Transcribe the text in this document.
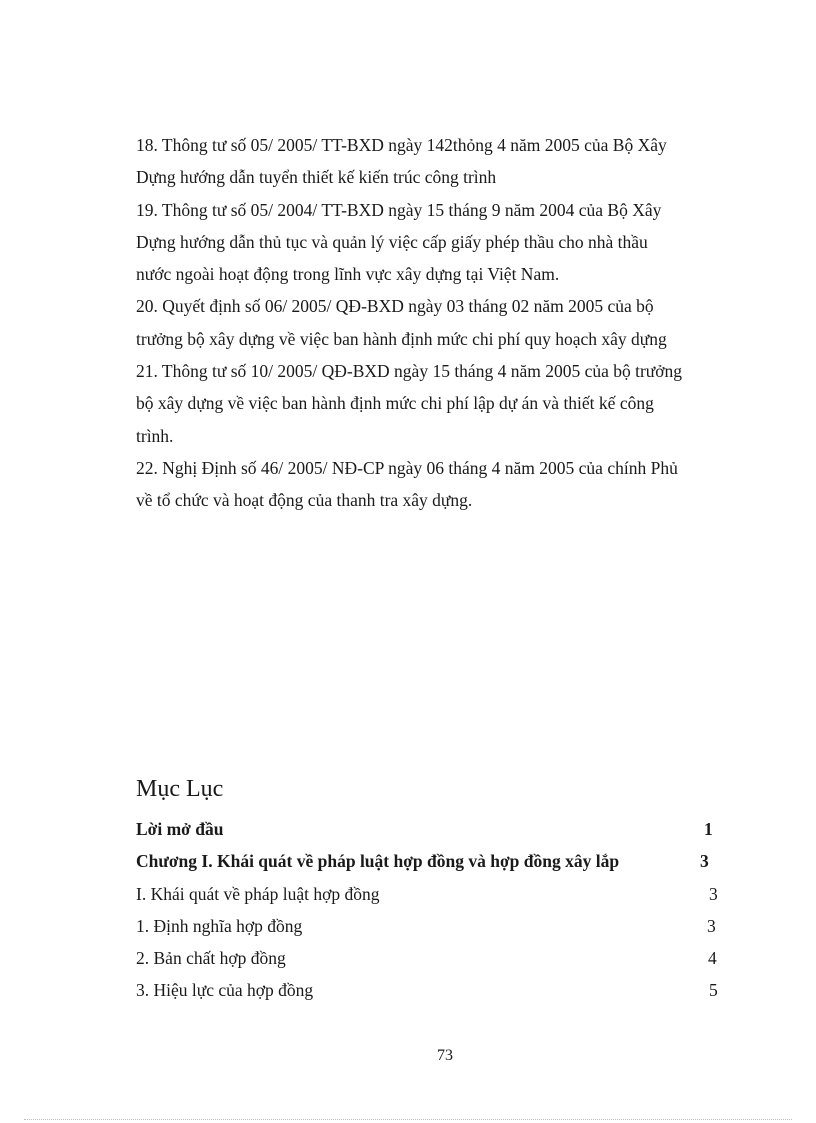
18. Thông tư số 05/ 2005/ TT-BXD ngày 142thỏng 4 năm 2005 của Bộ Xây
Dựng hướng dẫn tuyển thiết kế kiến trúc công trình
19. Thông tư số 05/ 2004/ TT-BXD ngày 15 tháng 9 năm 2004 của Bộ Xây
Dựng hướng dẫn thủ tục và quản lý việc cấp giấy phép thầu cho nhà thầu
nước ngoài hoạt động trong lĩnh vực xây dựng tại Việt Nam.
20. Quyết định số 06/ 2005/ QĐ-BXD ngày 03 tháng 02 năm 2005 của bộ
trưởng bộ xây dựng về việc ban hành định mức chi phí quy hoạch xây dựng
21. Thông tư số 10/ 2005/ QĐ-BXD ngày 15 tháng 4 năm 2005 của bộ trưởng
bộ xây dựng về việc ban hành định mức chi phí lập dự án và thiết kế công
trình.
22. Nghị Định số 46/ 2005/ NĐ-CP ngày 06 tháng 4 năm 2005 của chính Phủ
về tổ chức và hoạt động của thanh tra xây dựng.
Mục Lục
Lời mở đầu	1
Chương I. Khái quát về pháp luật hợp đồng và hợp đồng xây lắp	3
I. Khái quát về pháp luật hợp đồng	3
1. Định nghĩa hợp đồng	3
2. Bản chất hợp đồng	4
3. Hiệu lực của hợp đồng	5
73
